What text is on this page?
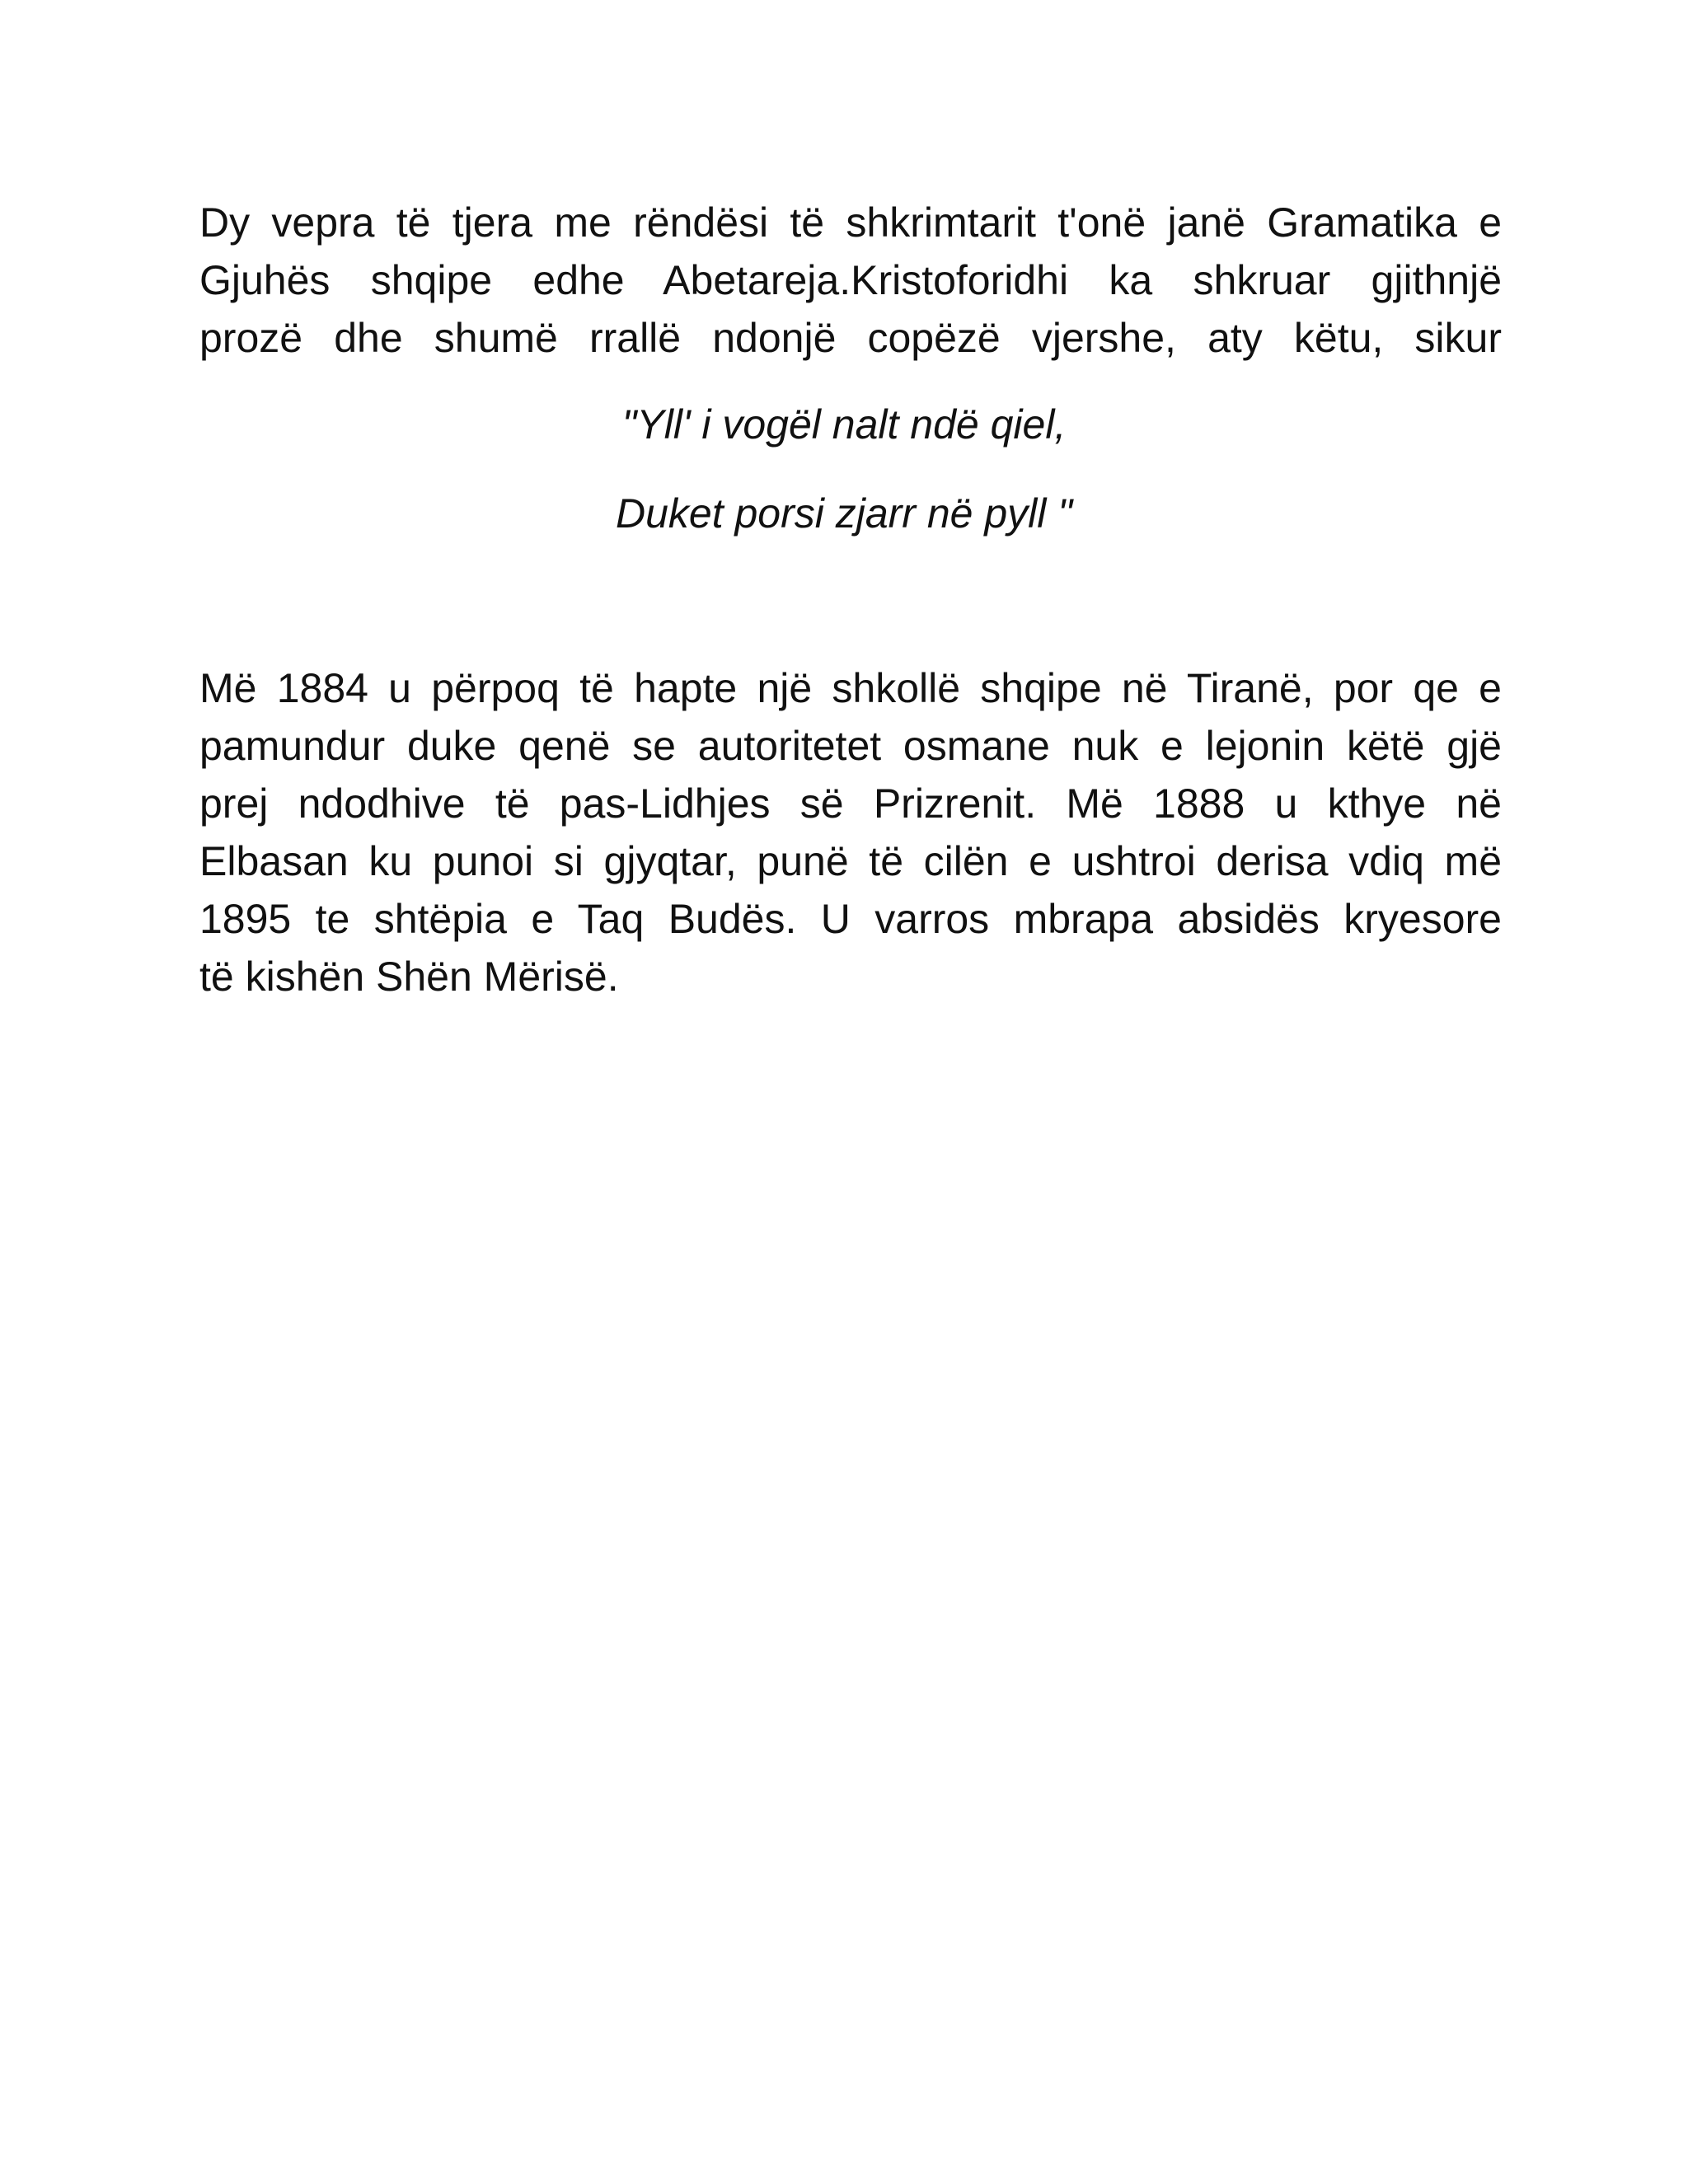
Dy vepra të tjera me rëndësi të shkrimtarit t'onë janë Gramatika e
Gjuhës shqipe edhe Abetareja.Kristoforidhi ka shkruar gjithnjë
prozë dhe shumë rrallë ndonjë copëzë vjershe, aty këtu, sikur

"Yll' i vogël nalt ndë qiel,

Duket porsi zjarr në pyll "

Më 1884 u përpoq të hapte një shkollë shqipe në Tiranë, por qe e
pamundur duke qenë se autoritetet osmane nuk e lejonin këtë gjë
prej ndodhive të pas-Lidhjes së Prizrenit. Më 1888 u kthye në
Elbasan ku punoi si gjyqtar, punë të cilën e ushtroi derisa vdiq më
1895 te shtëpia e Taq Budës. U varros mbrapa absidës kryesore
të kishën Shën Mërisë.
